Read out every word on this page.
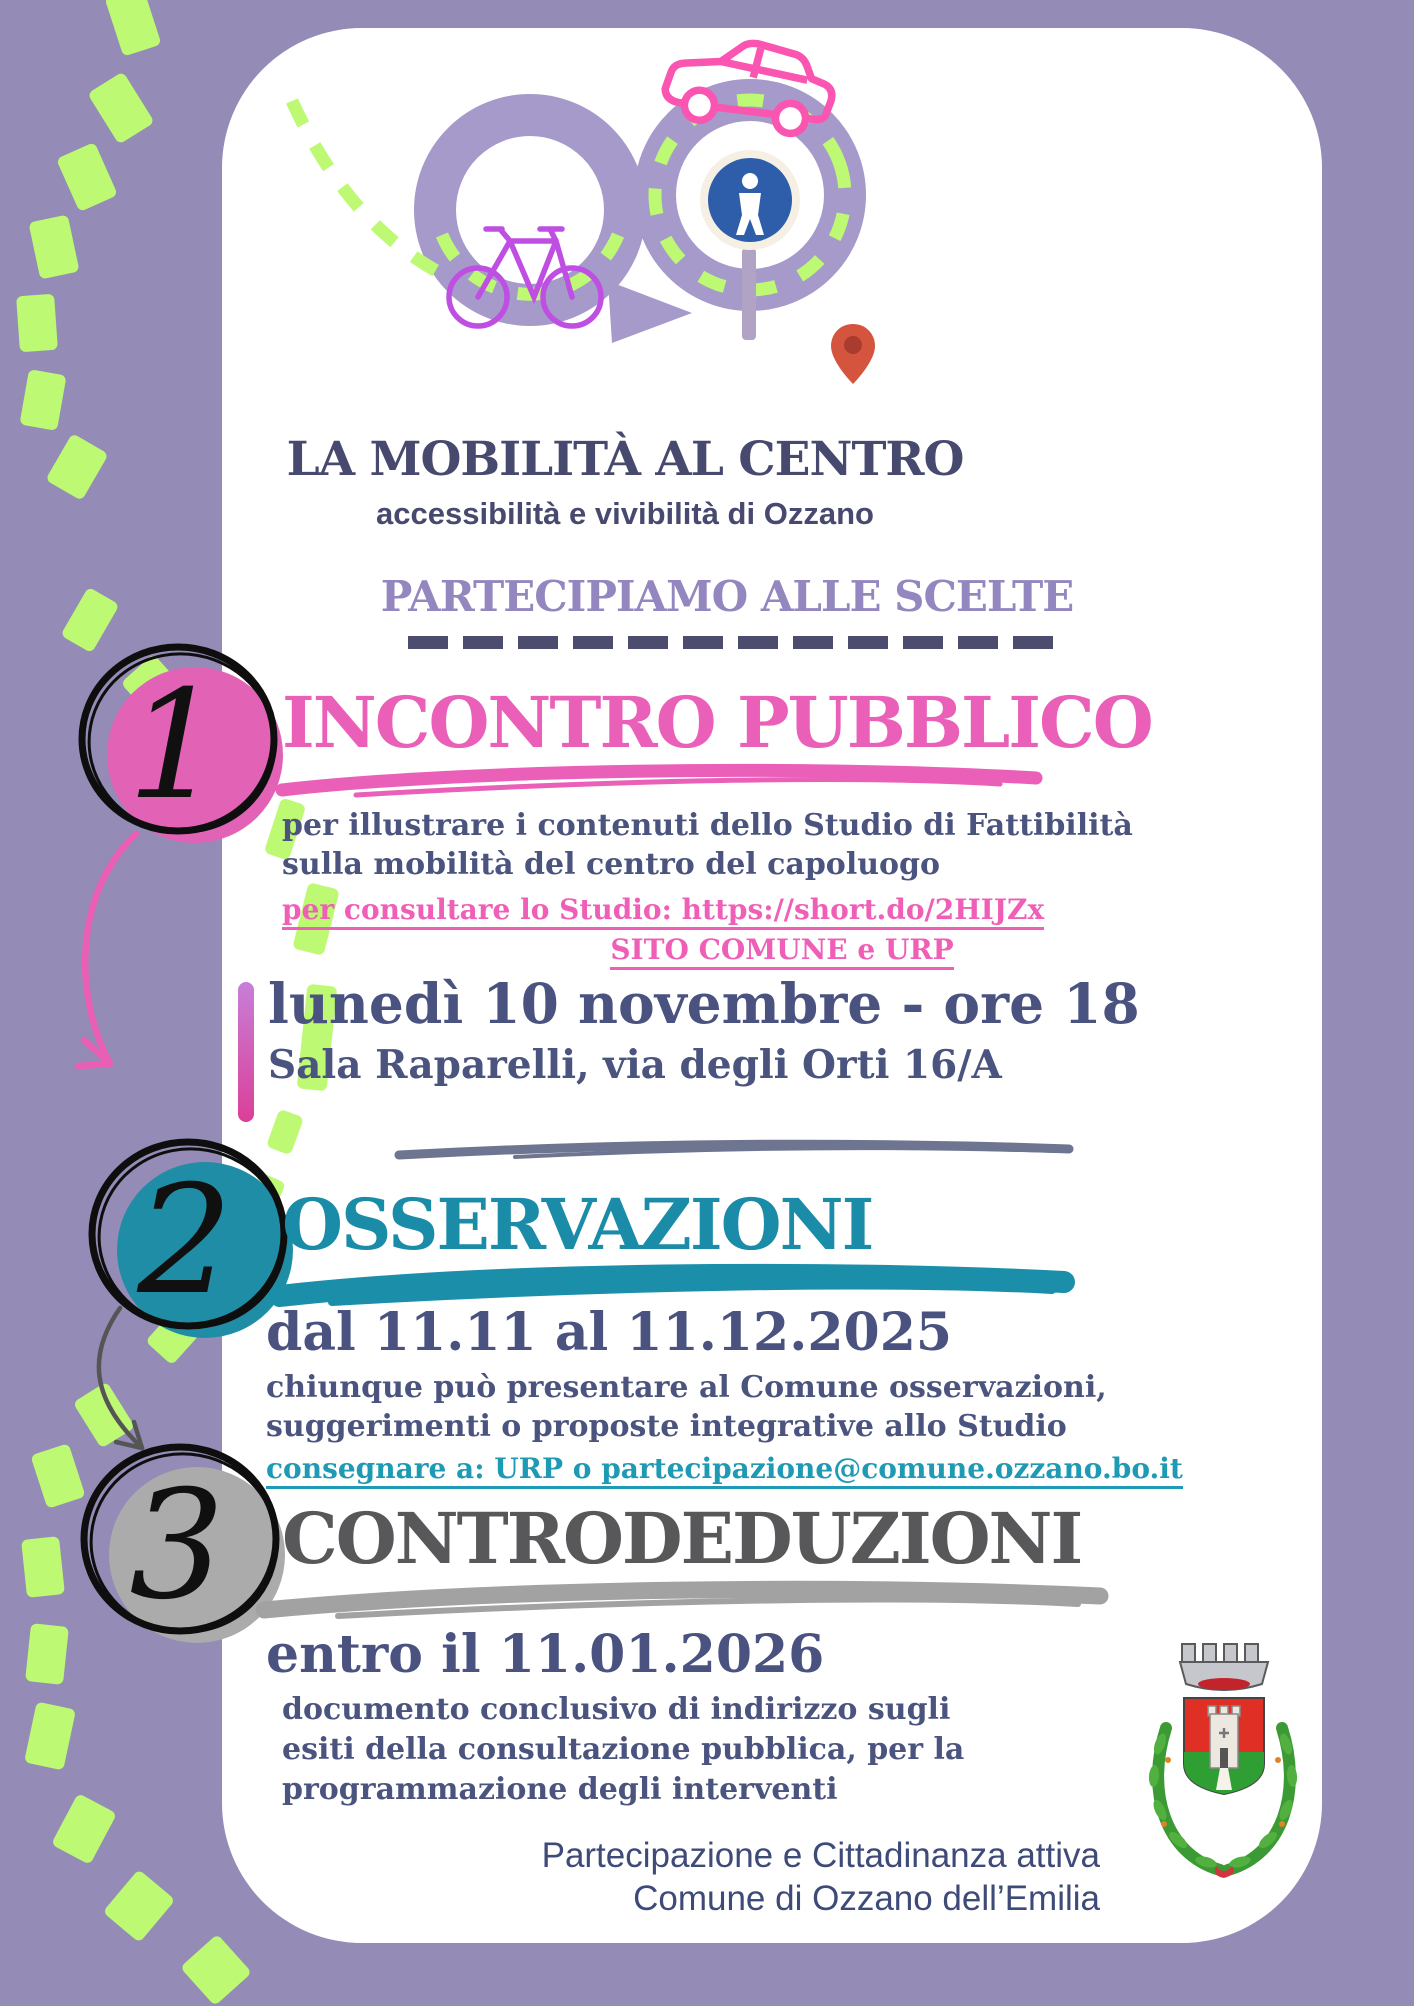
LA MOBILITÀ AL CENTRO
accessibilità e vivibilità di Ozzano
PARTECIPIAMO ALLE SCELTE
1 INCONTRO PUBBLICO
per illustrare i contenuti dello Studio di Fattibilità
sulla mobilità del centro del capoluogo
per consultare lo Studio: https://short.do/2HIJZx
SITO COMUNE e URP
lunedì 10 novembre - ore 18
Sala Raparelli, via degli Orti 16/A
2 OSSERVAZIONI
dal 11.11 al 11.12.2025
chiunque può presentare al Comune osservazioni,
suggerimenti o proposte integrative allo Studio
consegnare a: URP o partecipazione@comune.ozzano.bo.it
3 CONTRODEDUZIONI
entro il 11.01.2026
documento conclusivo di indirizzo sugli
esiti della consultazione pubblica, per la
programmazione degli interventi
Partecipazione e Cittadinanza attiva
Comune di Ozzano dell’Emilia
